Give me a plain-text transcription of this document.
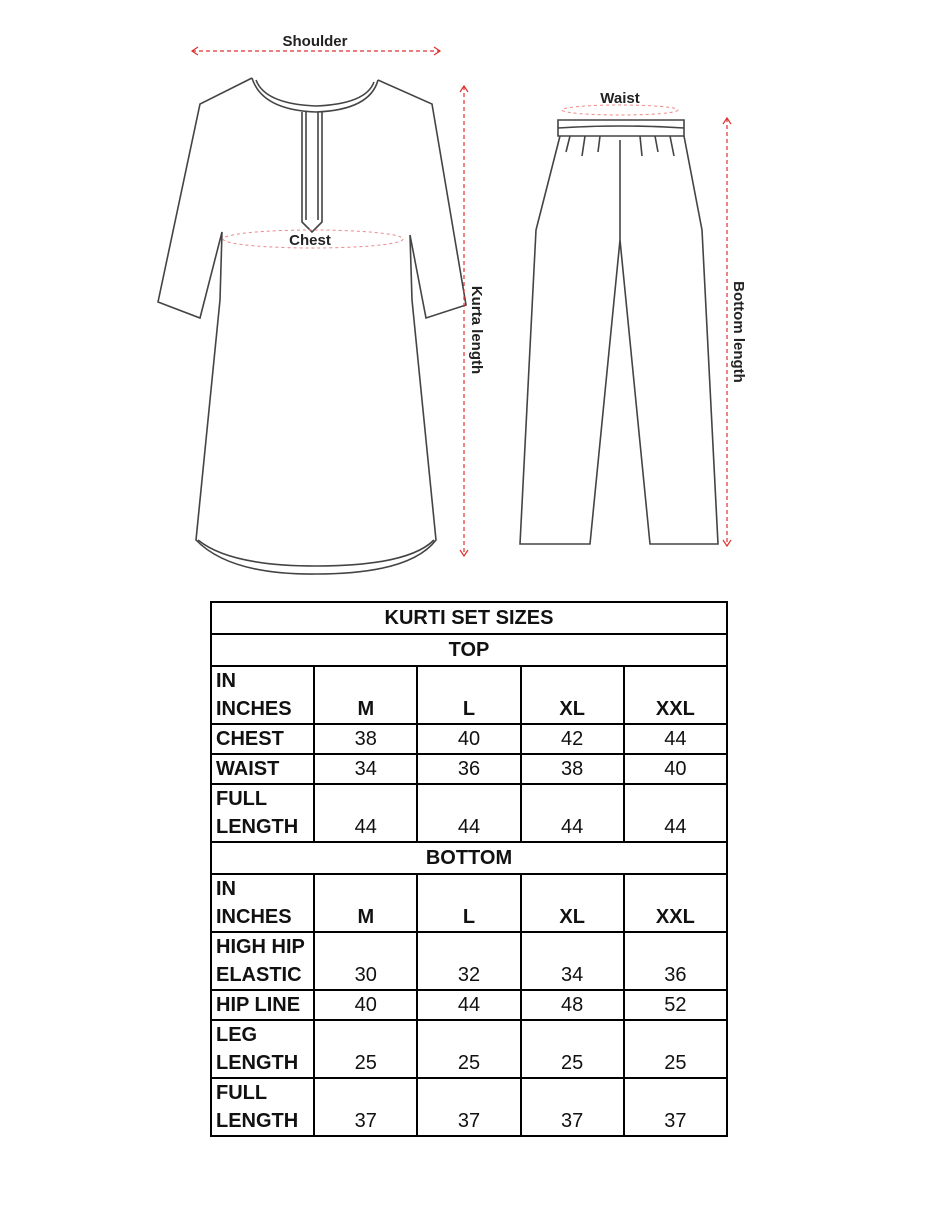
Shoulder
Chest
Kurta length
Waist
Bottom length
KURTI SET SIZES				
TOP				
IN
INCHES	M	L	XL	XXL
CHEST	38	40	42	44
WAIST	34	36	38	40
FULL
LENGTH	44	44	44	44
BOTTOM				
IN
INCHES	M	L	XL	XXL
HIGH HIP
ELASTIC	30	32	34	36
HIP LINE	40	44	48	52
LEG
LENGTH	25	25	25	25
FULL
LENGTH	37	37	37	37
